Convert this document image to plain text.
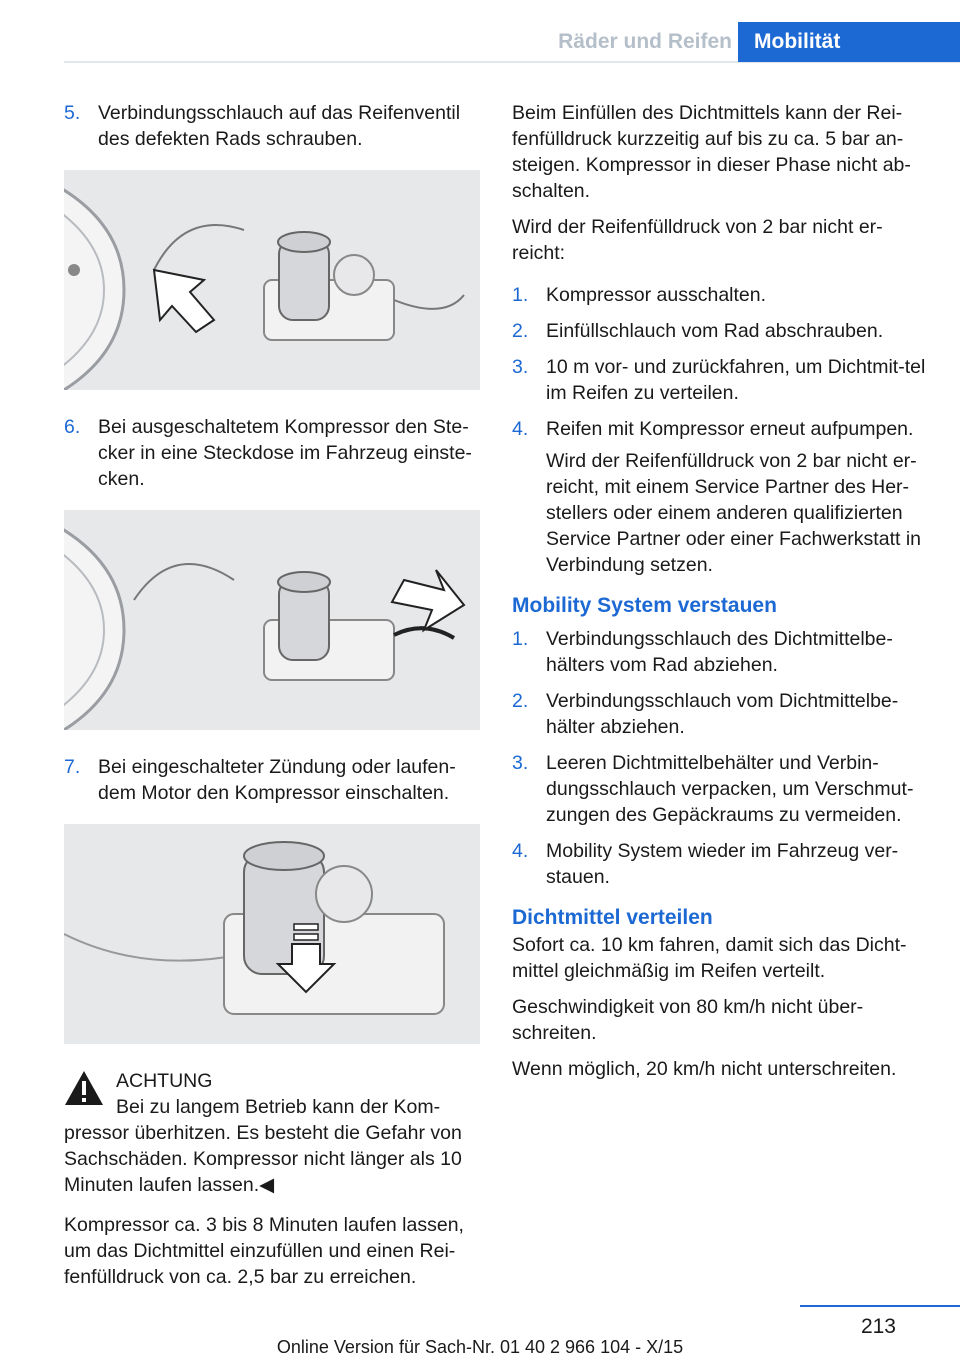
Räder und Reifen	Mobilität
5. Verbindungsschlauch auf das Reifenventil des defekten Rads schrauben.
6. Bei ausgeschaltetem Kompressor den Ste‐cker in eine Steckdose im Fahrzeug einste‐cken.
7. Bei eingeschalteter Zündung oder laufen‐dem Motor den Kompressor einschalten.
ACHTUNG

Bei zu langem Betrieb kann der Kom‐pressor überhitzen. Es besteht die Gefahr von Sachschäden. Kompressor nicht länger als 10 Minuten laufen lassen.◀

Kompressor ca. 3 bis 8 Minuten laufen lassen, um das Dichtmittel einzufüllen und einen Rei‐fenfülldruck von ca. 2,5 bar zu erreichen.

Beim Einfüllen des Dichtmittels kann der Rei‐fenfülldruck kurzzeitig auf bis zu ca. 5 bar an‐steigen. Kompressor in dieser Phase nicht ab‐schalten.

Wird der Reifenfülldruck von 2 bar nicht er‐reicht:

1. Kompressor ausschalten.
2. Einfüllschlauch vom Rad abschrauben.
3. 10 m vor- und zurückfahren, um Dichtmit‐tel im Reifen zu verteilen.
4. Reifen mit Kompressor erneut aufpumpen.

Wird der Reifenfülldruck von 2 bar nicht er‐reicht, mit einem Service Partner des Her‐stellers oder einem anderen qualifizierten Service Partner oder einer Fachwerkstatt in Verbindung setzen.

Mobility System verstauen
1. Verbindungsschlauch des Dichtmittelbe‐hälters vom Rad abziehen.
2. Verbindungsschlauch vom Dichtmittelbe‐hälter abziehen.
3. Leeren Dichtmittelbehälter und Verbin‐dungsschlauch verpacken, um Verschmut‐zungen des Gepäckraums zu vermeiden.
4. Mobility System wieder im Fahrzeug ver‐stauen.
Dichtmittel verteilen

Sofort ca. 10 km fahren, damit sich das Dicht‐mittel gleichmäßig im Reifen verteilt.

Geschwindigkeit von 80 km/h nicht über‐schreiten.

Wenn möglich, 20 km/h nicht unterschreiten.

213
Online Version für Sach-Nr. 01 40 2 966 104 - X/15
